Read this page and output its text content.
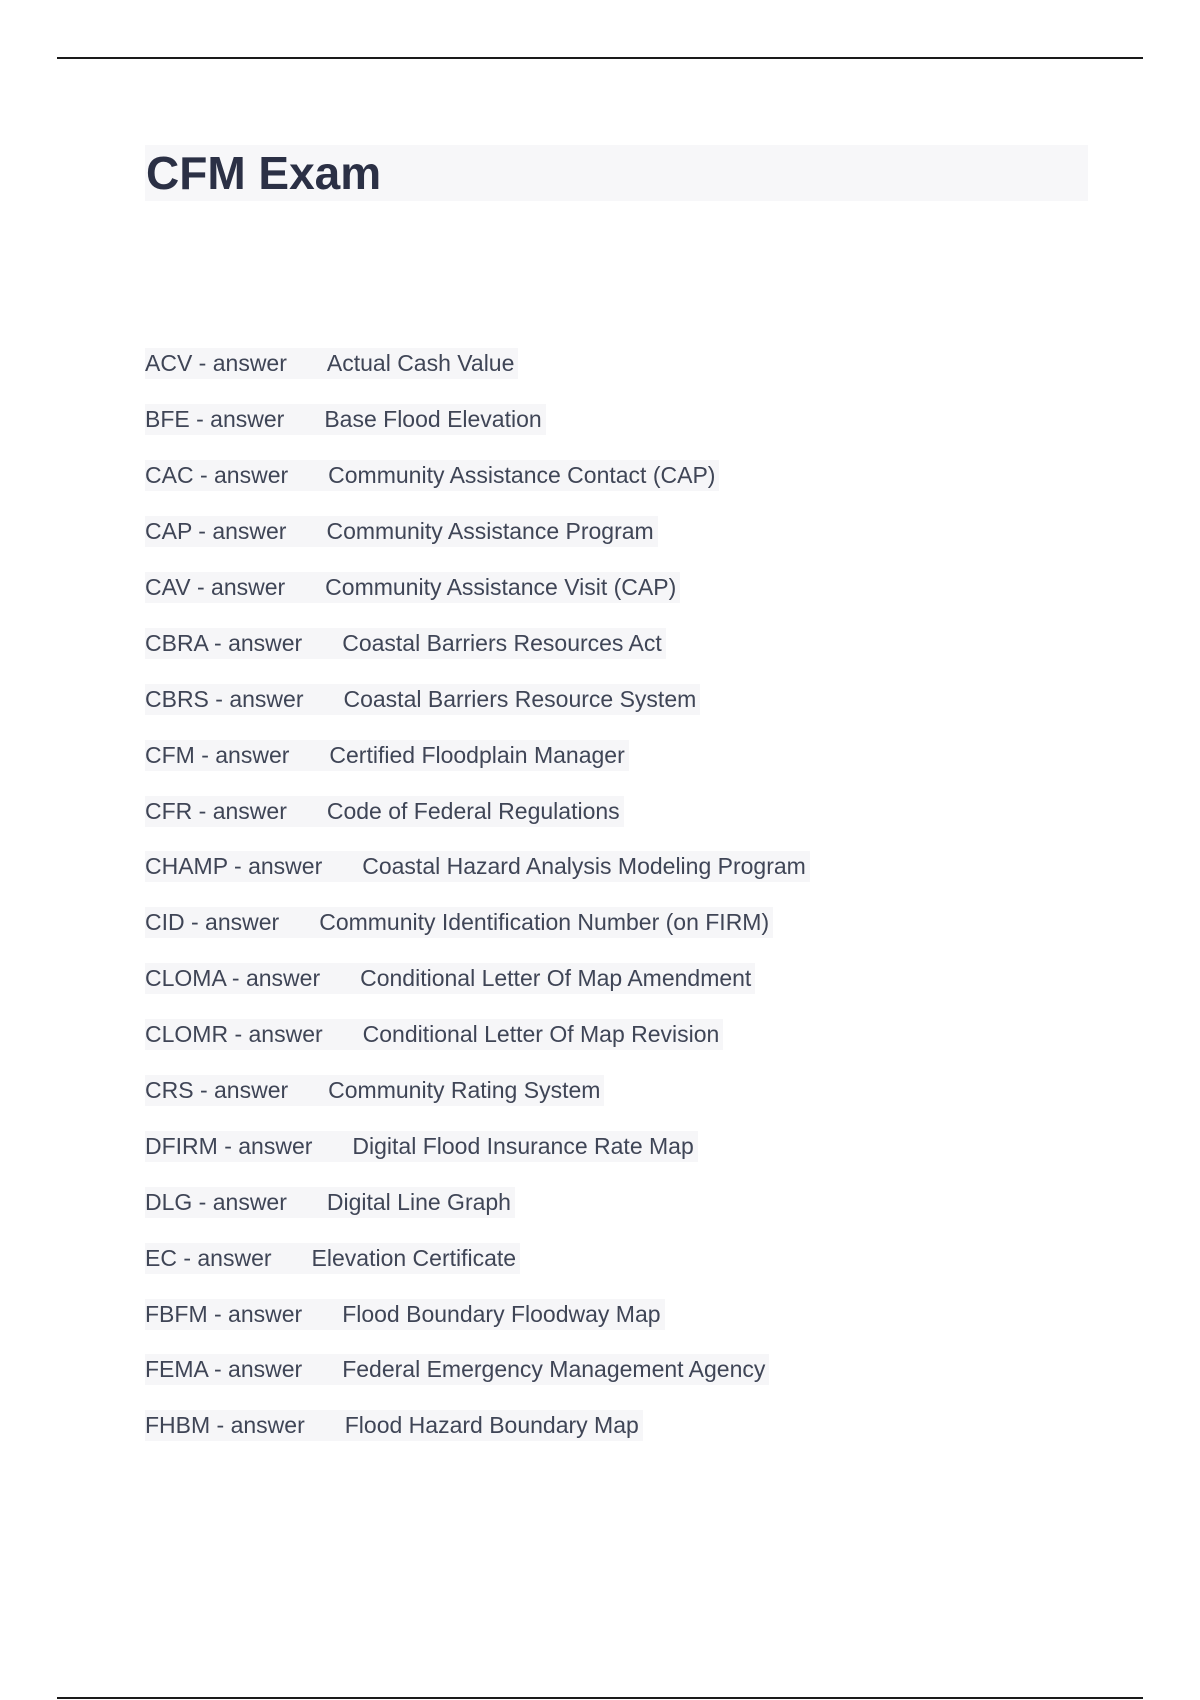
CFM Exam
ACV - answer Actual Cash Value
BFE - answer Base Flood Elevation
CAC - answer Community Assistance Contact (CAP)
CAP - answer Community Assistance Program
CAV - answer Community Assistance Visit (CAP)
CBRA - answer Coastal Barriers Resources Act
CBRS - answer Coastal Barriers Resource System
CFM - answer Certified Floodplain Manager
CFR - answer Code of Federal Regulations
CHAMP - answer Coastal Hazard Analysis Modeling Program
CID - answer Community Identification Number (on FIRM)
CLOMA - answer Conditional Letter Of Map Amendment
CLOMR - answer Conditional Letter Of Map Revision
CRS - answer Community Rating System
DFIRM - answer Digital Flood Insurance Rate Map
DLG - answer Digital Line Graph
EC - answer Elevation Certificate
FBFM - answer Flood Boundary Floodway Map
FEMA - answer Federal Emergency Management Agency
FHBM - answer Flood Hazard Boundary Map
